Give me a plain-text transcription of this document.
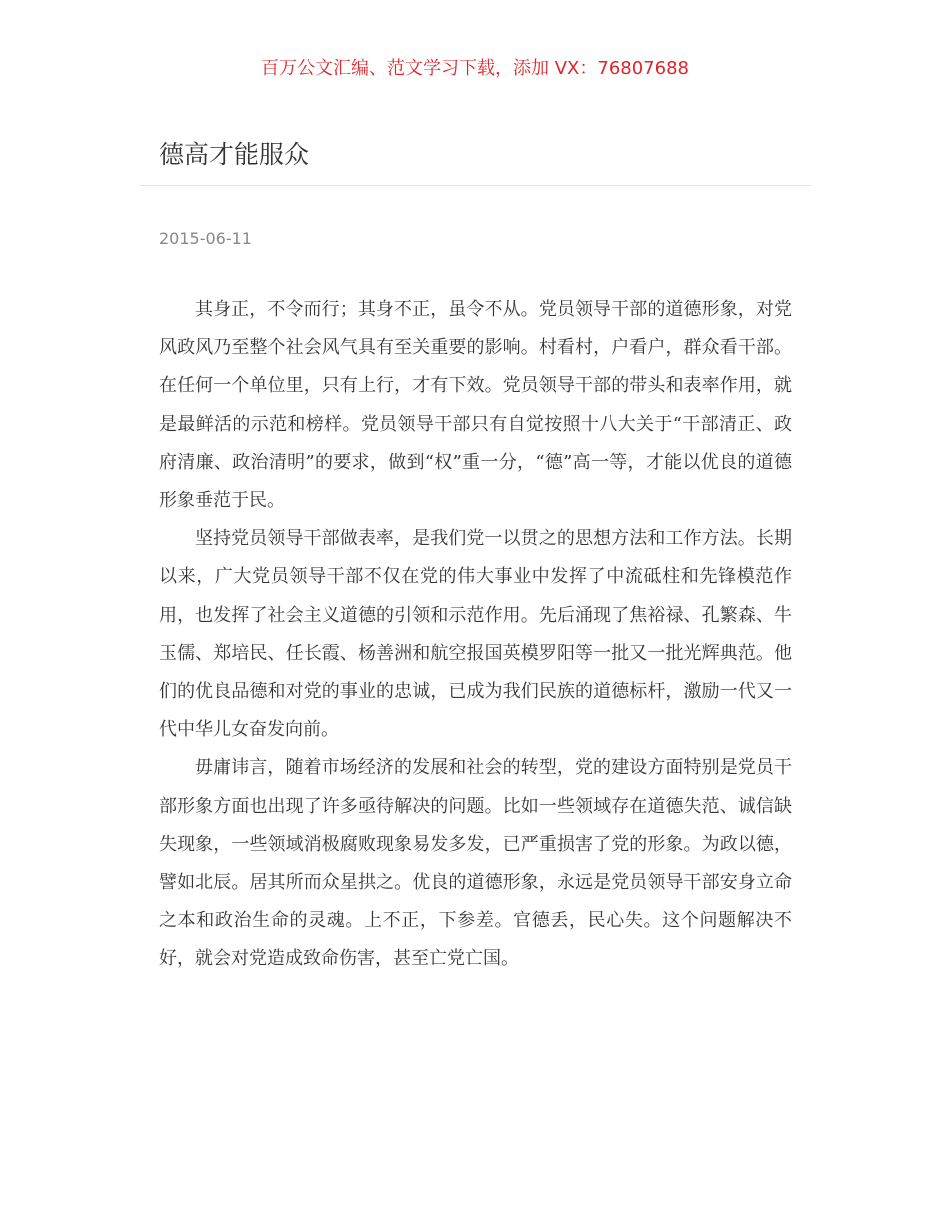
百万公文汇编、范文学习下载，添加 VX：76807688
德高才能服众
2015-06-11

其身正，不令而行；其身不正，虽令不从。党员领导干部的道德形象，对党风政风乃至整个社会风气具有至关重要的影响。村看村，户看户，群众看干部。在任何一个单位里，只有上行，才有下效。党员领导干部的带头和表率作用，就是最鲜活的示范和榜样。党员领导干部只有自觉按照十八大关于“干部清正、政府清廉、政治清明”的要求，做到“权”重一分，“德”高一等，才能以优良的道德形象垂范于民。

坚持党员领导干部做表率，是我们党一以贯之的思想方法和工作方法。长期以来，广大党员领导干部不仅在党的伟大事业中发挥了中流砥柱和先锋模范作用，也发挥了社会主义道德的引领和示范作用。先后涌现了焦裕禄、孔繁森、牛玉儒、郑培民、任长霞、杨善洲和航空报国英模罗阳等一批又一批光辉典范。他们的优良品德和对党的事业的忠诚，已成为我们民族的道德标杆，激励一代又一代中华儿女奋发向前。

毋庸讳言，随着市场经济的发展和社会的转型，党的建设方面特别是党员干部形象方面也出现了许多亟待解决的问题。比如一些领域存在道德失范、诚信缺失现象，一些领域消极腐败现象易发多发，已严重损害了党的形象。为政以德，譬如北辰。居其所而众星拱之。优良的道德形象，永远是党员领导干部安身立命之本和政治生命的灵魂。上不正，下参差。官德丢，民心失。这个问题解决不好，就会对党造成致命伤害，甚至亡党亡国。
